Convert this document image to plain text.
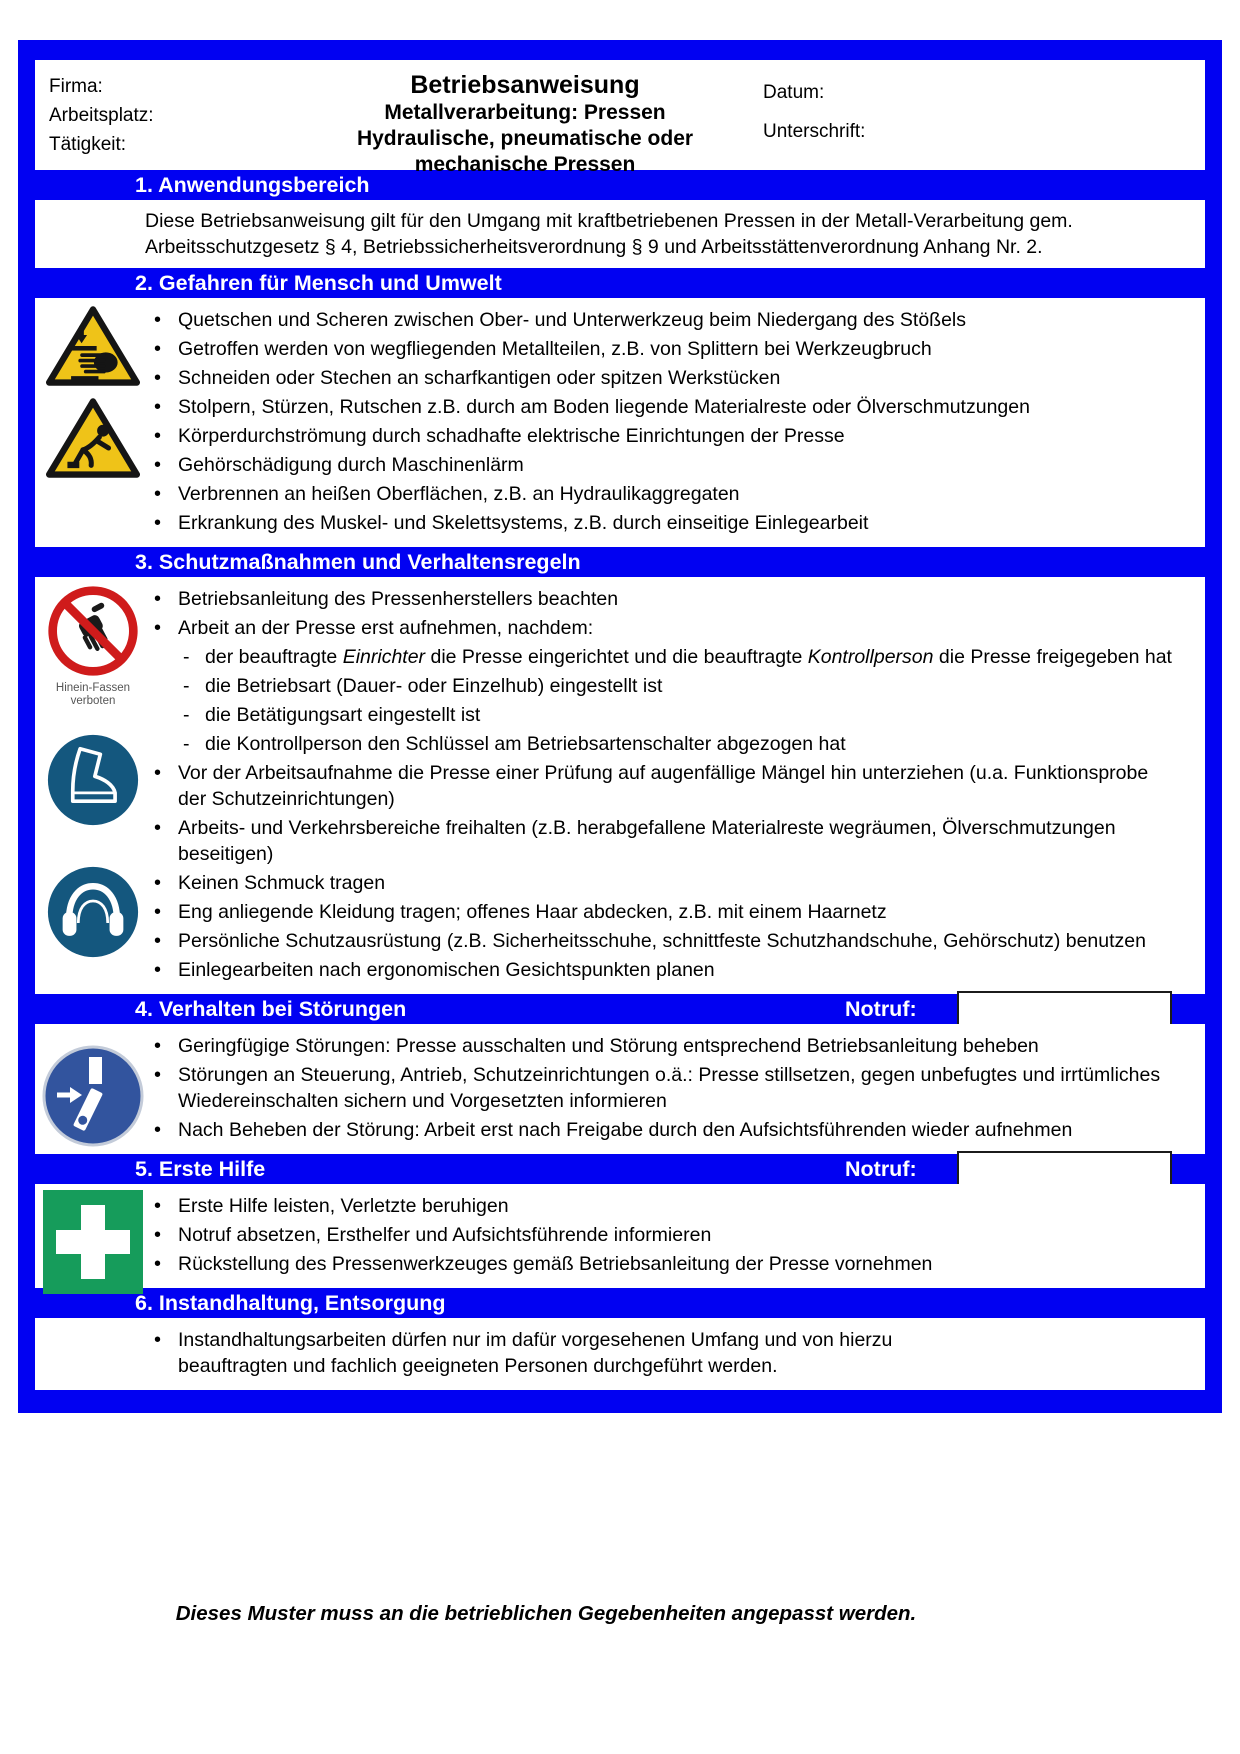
Firma:
Arbeitsplatz:
Tätigkeit:
Betriebsanweisung
Metallverarbeitung: Pressen
Hydraulische, pneumatische oder mechanische Pressen
Datum:
Unterschrift:
1. Anwendungsbereich
Diese Betriebsanweisung gilt für den Umgang mit kraftbetriebenen Pressen in der Metall-Verarbeitung gem. Arbeitsschutzgesetz § 4, Betriebssicherheitsverordnung § 9 und Arbeitsstättenverordnung Anhang Nr. 2.
2. Gefahren für Mensch und Umwelt
• Quetschen und Scheren zwischen Ober- und Unterwerkzeug beim Niedergang des Stößels
• Getroffen werden von wegfliegenden Metallteilen, z.B. von Splittern bei Werkzeugbruch
• Schneiden oder Stechen an scharfkantigen oder spitzen Werkstücken
• Stolpern, Stürzen, Rutschen z.B. durch am Boden liegende Materialreste oder Ölverschmutzungen
• Körperdurchströmung durch schadhafte elektrische Einrichtungen der Presse
• Gehörschädigung durch Maschinenlärm
• Verbrennen an heißen Oberflächen, z.B. an Hydraulikaggregaten
• Erkrankung des Muskel- und Skelettsystems, z.B. durch einseitige Einlegearbeit
3. Schutzmaßnahmen und Verhaltensregeln
Hinein-Fassen
verboten
• Betriebsanleitung des Pressenherstellers beachten
• Arbeit an der Presse erst aufnehmen, nachdem:
- der beauftragte Einrichter die Presse eingerichtet und die beauftragte Kontrollperson die Presse freigegeben hat
- die Betriebsart (Dauer- oder Einzelhub) eingestellt ist
- die Betätigungsart eingestellt ist
- die Kontrollperson den Schlüssel am Betriebsartenschalter abgezogen hat
• Vor der Arbeitsaufnahme die Presse einer Prüfung auf augenfällige Mängel hin unterziehen (u.a. Funktionsprobe der Schutzeinrichtungen)
• Arbeits- und Verkehrsbereiche freihalten (z.B. herabgefallene Materialreste wegräumen, Ölverschmutzungen beseitigen)
• Keinen Schmuck tragen
• Eng anliegende Kleidung tragen; offenes Haar abdecken, z.B. mit einem Haarnetz
• Persönliche Schutzausrüstung (z.B. Sicherheitsschuhe, schnittfeste Schutzhandschuhe, Gehörschutz) benutzen
• Einlegearbeiten nach ergonomischen Gesichtspunkten planen
4. Verhalten bei Störungen	Notruf:
• Geringfügige Störungen: Presse ausschalten und Störung entsprechend Betriebsanleitung beheben
• Störungen an Steuerung, Antrieb, Schutzeinrichtungen o.ä.: Presse stillsetzen, gegen unbefugtes und irrtümliches Wiedereinschalten sichern und Vorgesetzten informieren
• Nach Beheben der Störung: Arbeit erst nach Freigabe durch den Aufsichtsführenden wieder aufnehmen
5. Erste Hilfe	Notruf:
• Erste Hilfe leisten, Verletzte beruhigen
• Notruf absetzen, Ersthelfer und Aufsichtsführende informieren
• Rückstellung des Pressenwerkzeuges gemäß Betriebsanleitung der Presse vornehmen
6. Instandhaltung, Entsorgung
• Instandhaltungsarbeiten dürfen nur im dafür vorgesehenen Umfang und von hierzu beauftragten und fachlich geeigneten Personen durchgeführt werden.
Dieses Muster muss an die betrieblichen Gegebenheiten angepasst werden.
